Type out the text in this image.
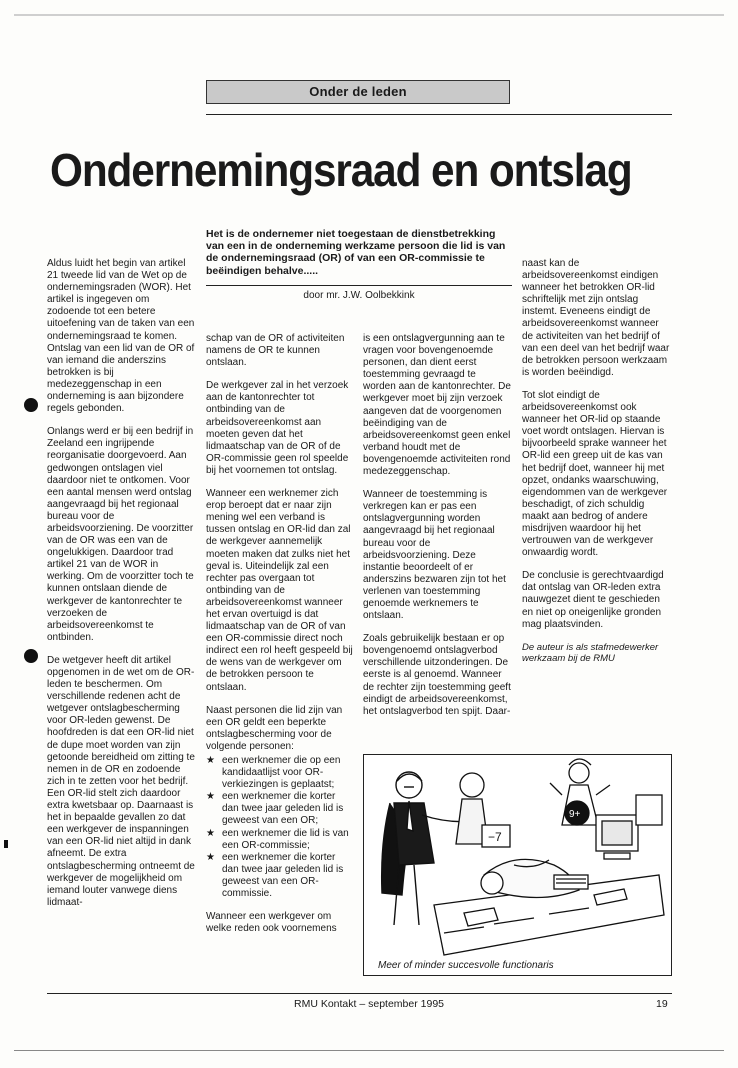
Onder de leden
Ondernemingsraad en ontslag

Het is de ondernemer niet toegestaan de dienstbetrekking van een in de onderneming werkzame persoon die lid is van de ondernemingsraad (OR) of van een OR-commissie te beëindigen behalve.....

door mr. J.W. Oolbekkink

Aldus luidt het begin van artikel 21 tweede lid van de Wet op de ondernemingsraden (WOR). Het artikel is ingegeven om zodoende tot een betere uitoefening van de taken van een ondernemingsraad te komen. Ontslag van een lid van de OR of van iemand die anderszins betrokken is bij medezeggenschap in een onderneming is aan bijzondere regels gebonden.

Onlangs werd er bij een bedrijf in Zeeland een ingrijpende reorganisatie doorgevoerd. Aan gedwongen ontslagen viel daardoor niet te ontkomen. Voor een aantal mensen werd ontslag aangevraagd bij het regionaal bureau voor de arbeidsvoorziening. De voorzitter van de OR was een van de ongelukkigen. Daardoor trad artikel 21 van de WOR in werking. Om de voorzitter toch te kunnen ontslaan diende de werkgever de kantonrechter te verzoeken de arbeidsovereenkomst te ontbinden.

De wetgever heeft dit artikel opgenomen in de wet om de OR-leden te beschermen. Om verschillende redenen acht de wetgever ontslagbescherming voor OR-leden gewenst. De hoofdreden is dat een OR-lid niet de dupe moet worden van zijn getoonde bereidheid om zitting te nemen in de OR en zodoende zich in te zetten voor het bedrijf. Een OR-lid stelt zich daardoor extra kwetsbaar op. Daarnaast is het in bepaalde gevallen zo dat een werkgever de inspanningen van een OR-lid niet altijd in dank afneemt. De extra ontslagbescherming ontneemt de werkgever de mogelijkheid om iemand louter vanwege diens lidmaat-

schap van de OR of activiteiten namens de OR te kunnen ontslaan.

De werkgever zal in het verzoek aan de kantonrechter tot ontbinding van de arbeidsovereenkomst aan moeten geven dat het lidmaatschap van de OR of de OR-commissie geen rol speelde bij het voornemen tot ontslag.

Wanneer een werknemer zich erop beroept dat er naar zijn mening wel een verband is tussen ontslag en OR-lid dan zal de werkgever aannemelijk moeten maken dat zulks niet het geval is. Uiteindelijk zal een rechter pas overgaan tot ontbinding van de arbeidsovereenkomst wanneer het ervan overtuigd is dat lidmaatschap van de OR of van een OR-commissie direct noch indirect een rol heeft gespeeld bij de wens van de werkgever om de betrokken persoon te ontslaan.

Naast personen die lid zijn van een OR geldt een beperkte ontslagbescherming voor de volgende personen:

★ een werknemer die op een kandidaatlijst voor OR-verkiezingen is geplaatst;
★ een werknemer die korter dan twee jaar geleden lid is geweest van een OR;
★ een werknemer die lid is van een OR-commissie;
★ een werknemer die korter dan twee jaar geleden lid is geweest van een OR-commissie.

Wanneer een werkgever om welke reden ook voornemens

is een ontslagvergunning aan te vragen voor bovengenoemde personen, dan dient eerst toestemming gevraagd te worden aan de kantonrechter. De werkgever moet bij zijn verzoek aangeven dat de voorgenomen beëindiging van de arbeidsovereenkomst geen enkel verband houdt met de bovengenoemde activiteiten rond medezeggenschap.

Wanneer de toestemming is verkregen kan er pas een ontslagvergunning worden aangevraagd bij het regionaal bureau voor de arbeidsvoorziening. Deze instantie beoordeelt of er anderszins bezwaren zijn tot het verlenen van toestemming genoemde werknemers te ontslaan.

Zoals gebruikelijk bestaan er op bovengenoemd ontslagverbod verschillende uitzonderingen. De eerste is al genoemd. Wanneer de rechter zijn toestemming geeft eindigt de arbeidsovereenkomst, het ontslagverbod ten spijt. Daar-

naast kan de arbeidsovereenkomst eindigen wanneer het betrokken OR-lid schriftelijk met zijn ontslag instemt. Eveneens eindigt de arbeidsovereenkomst wanneer de activiteiten van het bedrijf of van een deel van het bedrijf waar de betrokken persoon werkzaam is worden beëindigd.

Tot slot eindigt de arbeidsovereenkomst ook wanneer het OR-lid op staande voet wordt ontslagen. Hiervan is bijvoorbeeld sprake wanneer het OR-lid een greep uit de kas van het bedrijf doet, wanneer hij met opzet, ondanks waarschuwing, eigendommen van de werkgever beschadigt, of zich schuldig maakt aan bedrog of andere misdrijven waardoor hij het vertrouwen van de werkgever onwaardig wordt.

De conclusie is gerechtvaardigd dat ontslag van OR-leden extra nauwgezet dient te geschieden en niet op oneigenlijke gronden mag plaatsvinden.

De auteur is als stafmedewerker werkzaam bij de RMU

−7
9+
Meer of minder succesvolle functionaris
RMU Kontakt – september 1995	19
